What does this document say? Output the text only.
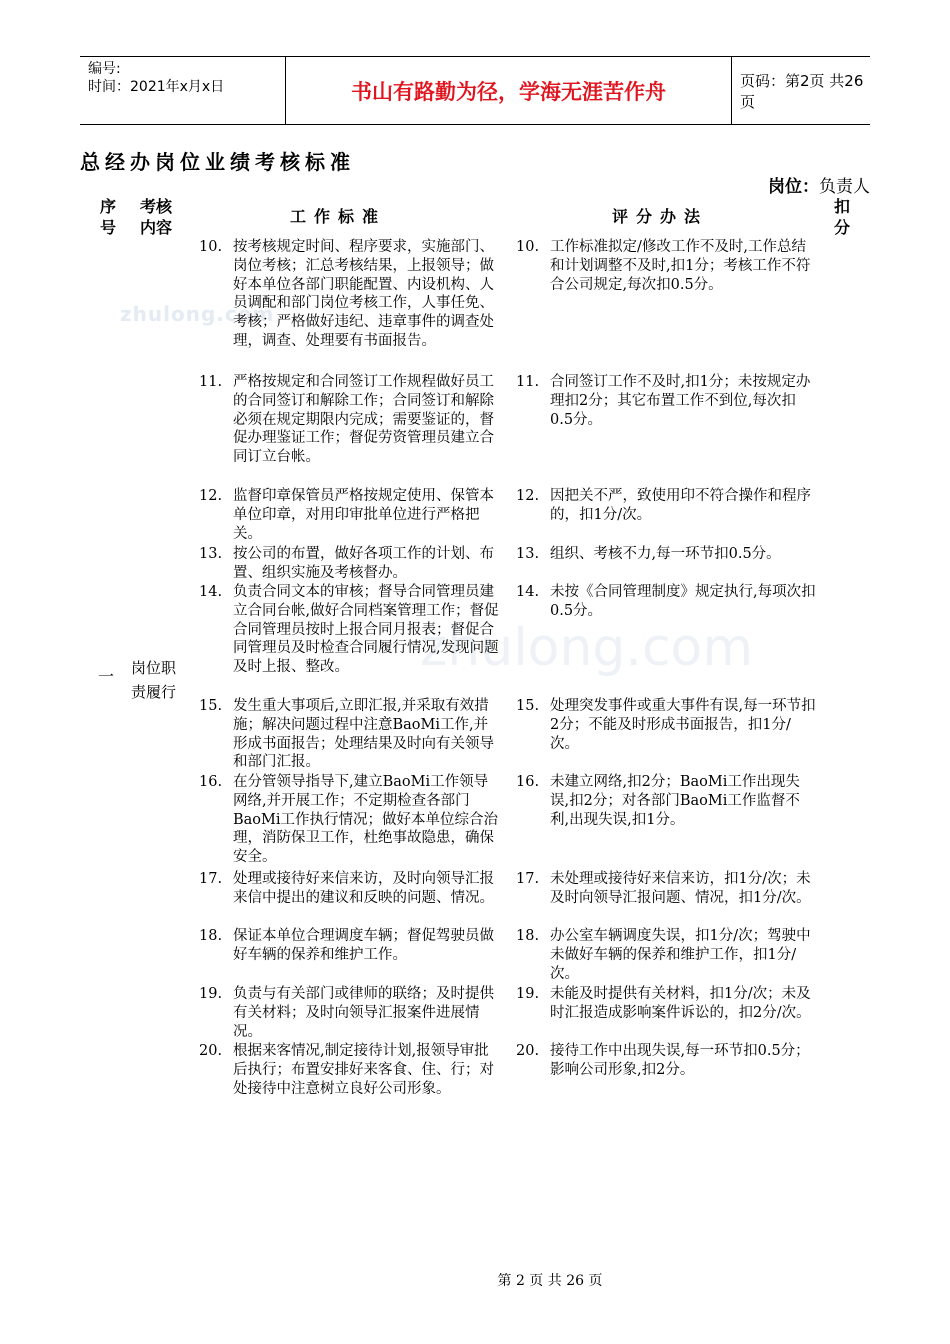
编号:
时间：2021年x月x日	书山有路勤为径，学海无涯苦作舟	页码：第2页 共26页
总经办岗位业绩考核标准
岗位：负责人
zhulong.com
zhulong.com
序号
考核内容
工作标准	评分办法
扣分
一 岗位职责履行
10. 按考核规定时间、程序要求，实施部门、岗位考核；汇总考核结果，上报领导；做好本单位各部门职能配置、内设机构、人员调配和部门岗位考核工作，人事任免、考核；严格做好违纪、违章事件的调查处理，调查、处理要有书面报告。
10. 工作标准拟定/修改工作不及时,工作总结和计划调整不及时,扣1分；考核工作不符合公司规定,每次扣0.5分。
11. 严格按规定和合同签订工作规程做好员工的合同签订和解除工作；合同签订和解除必须在规定期限内完成；需要鉴证的，督促办理鉴证工作；督促劳资管理员建立合同订立台帐。
11. 合同签订工作不及时,扣1分；未按规定办理扣2分；其它布置工作不到位,每次扣0.5分。
12. 监督印章保管员严格按规定使用、保管本单位印章，对用印审批单位进行严格把关。
12. 因把关不严，致使用印不符合操作和程序的，扣1分/次。
13. 按公司的布置，做好各项工作的计划、布置、组织实施及考核督办。
13. 组织、考核不力,每一环节扣0.5分。
14. 负责合同文本的审核；督导合同管理员建立合同台帐,做好合同档案管理工作；督促合同管理员按时上报合同月报表；督促合同管理员及时检查合同履行情况,发现问题及时上报、整改。
14. 未按《合同管理制度》规定执行,每项次扣0.5分。
15. 发生重大事项后,立即汇报,并采取有效措施；解决问题过程中注意BaoMi工作,并形成书面报告；处理结果及时向有关领导和部门汇报。
15. 处理突发事件或重大事件有误,每一环节扣2分；不能及时形成书面报告，扣1分/次。
16. 在分管领导指导下,建立BaoMi工作领导网络,并开展工作；不定期检查各部门BaoMi工作执行情况；做好本单位综合治理，消防保卫工作，杜绝事故隐患，确保安全。
16. 未建立网络,扣2分；BaoMi工作出现失误,扣2分；对各部门BaoMi工作监督不利,出现失误,扣1分。
17. 处理或接待好来信来访，及时向领导汇报来信中提出的建议和反映的问题、情况。
17. 未处理或接待好来信来访，扣1分/次；未及时向领导汇报问题、情况，扣1分/次。
18. 保证本单位合理调度车辆；督促驾驶员做好车辆的保养和维护工作。
18. 办公室车辆调度失误，扣1分/次；驾驶中未做好车辆的保养和维护工作，扣1分/次。
19. 负责与有关部门或律师的联络；及时提供有关材料；及时向领导汇报案件进展情况。
19. 未能及时提供有关材料，扣1分/次；未及时汇报造成影响案件诉讼的，扣2分/次。
20. 根据来客情况,制定接待计划,报领导审批后执行；布置安排好来客食、住、行；对处接待中注意树立良好公司形象。
20. 接待工作中出现失误,每一环节扣0.5分；影响公司形象,扣2分。
第 2 页 共 26 页
